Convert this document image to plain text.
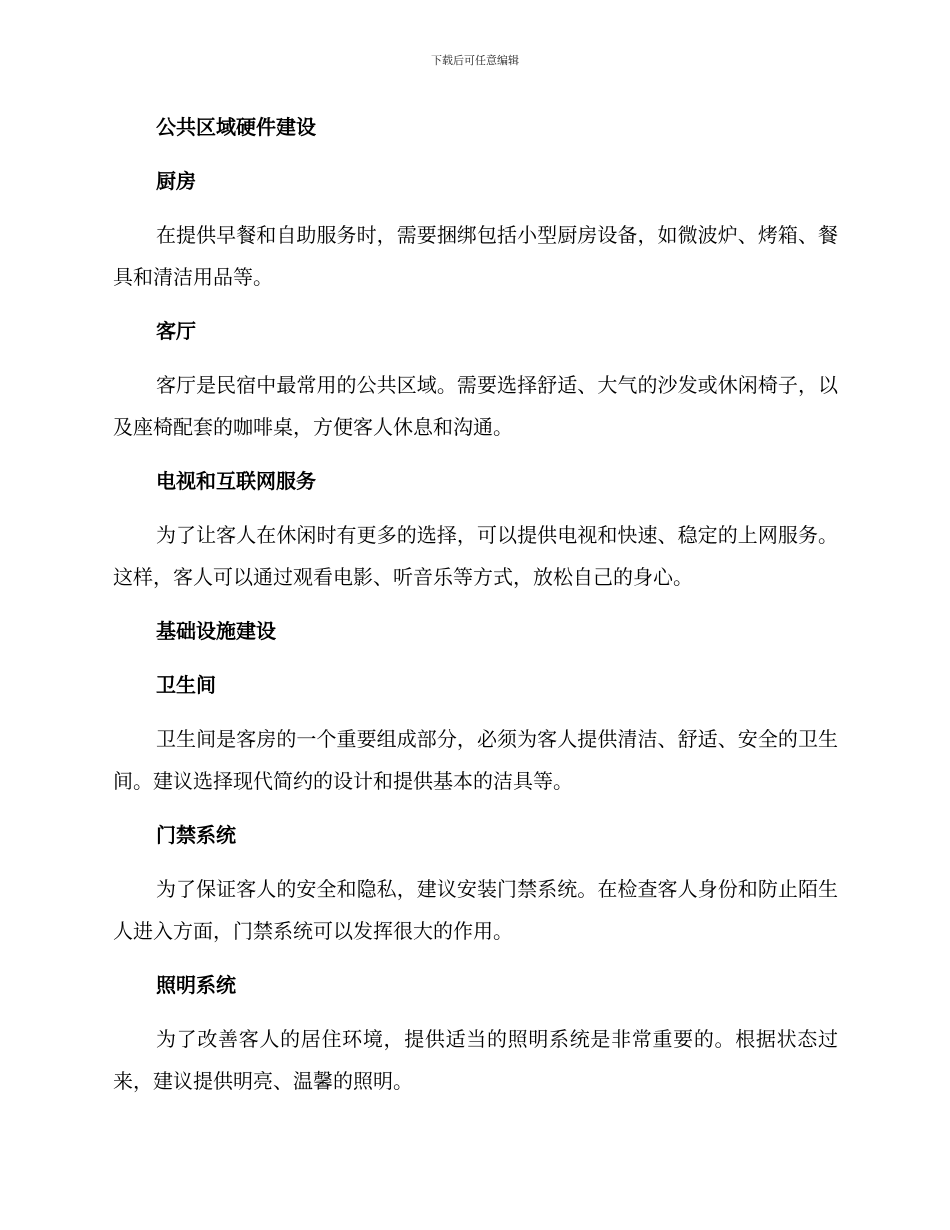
下载后可任意编辑
公共区域硬件建设
厨房

在提供早餐和自助服务时，需要捆绑包括小型厨房设备，如微波炉、烤箱、餐具和清洁用品等。

客厅

客厅是民宿中最常用的公共区域。需要选择舒适、大气的沙发或休闲椅子，以及座椅配套的咖啡桌，方便客人休息和沟通。

电视和互联网服务

为了让客人在休闲时有更多的选择，可以提供电视和快速、稳定的上网服务。这样，客人可以通过观看电影、听音乐等方式，放松自己的身心。

基础设施建设
卫生间

卫生间是客房的一个重要组成部分，必须为客人提供清洁、舒适、安全的卫生间。建议选择现代简约的设计和提供基本的洁具等。

门禁系统

为了保证客人的安全和隐私，建议安装门禁系统。在检查客人身份和防止陌生人进入方面，门禁系统可以发挥很大的作用。

照明系统

为了改善客人的居住环境，提供适当的照明系统是非常重要的。根据状态过来，建议提供明亮、温馨的照明。
